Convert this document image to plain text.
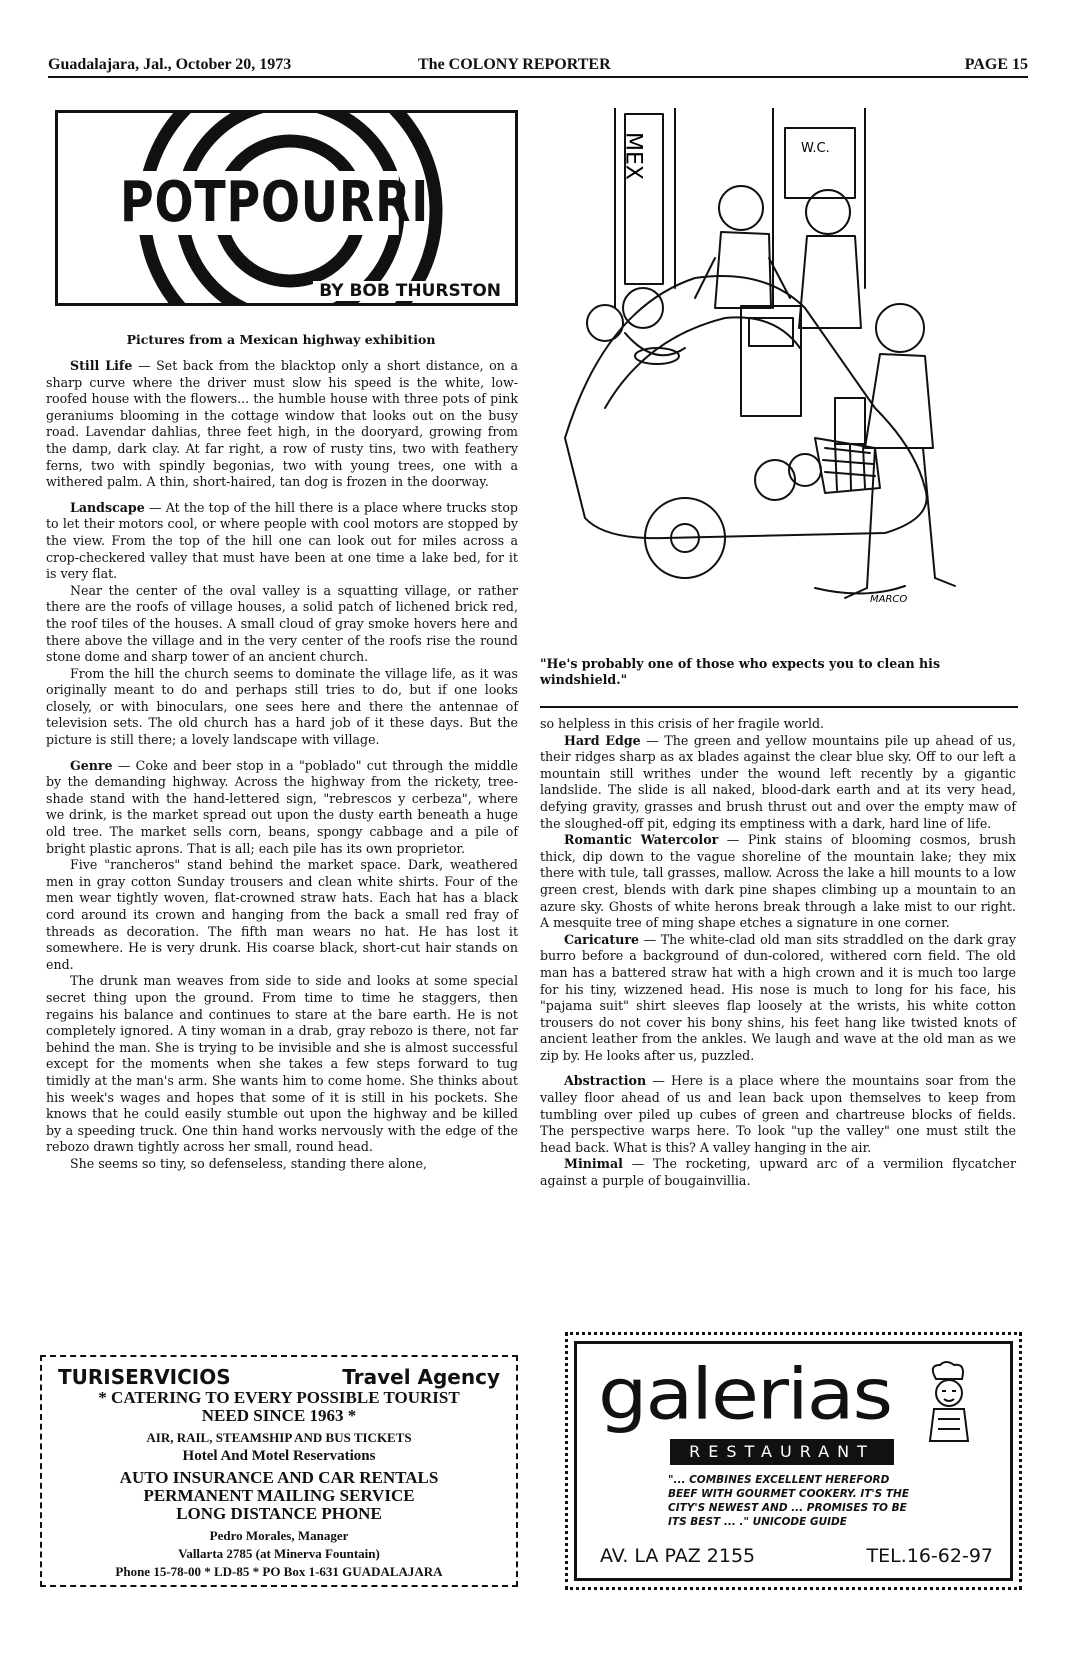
Guadalajara, Jal., October 20, 1973	The COLONY REPORTER	PAGE 15
POTPOURRI
BY BOB THURSTON
Pictures from a Mexican highway exhibition

Still Life — Set back from the blacktop only a short distance, on a sharp curve where the driver must slow his speed is the white, low-roofed house with the flowers... the humble house with three pots of pink geraniums blooming in the cottage window that looks out on the busy road. Lavendar dahlias, three feet high, in the dooryard, growing from the damp, dark clay. At far right, a row of rusty tins, two with feathery ferns, two with spindly begonias, two with young trees, one with a withered palm. A thin, short-haired, tan dog is frozen in the doorway.

Landscape — At the top of the hill there is a place where trucks stop to let their motors cool, or where people with cool motors are stopped by the view. From the top of the hill one can look out for miles across a crop-checkered valley that must have been at one time a lake bed, for it is very flat.

Near the center of the oval valley is a squatting village, or rather there are the roofs of village houses, a solid patch of lichened brick red, the roof tiles of the houses. A small cloud of gray smoke hovers here and there above the village and in the very center of the roofs rise the round stone dome and sharp tower of an ancient church.

From the hill the church seems to dominate the village life, as it was originally meant to do and perhaps still tries to do, but if one looks closely, or with binoculars, one sees here and there the antennae of television sets. The old church has a hard job of it these days. But the picture is still there; a lovely landscape with village.

Genre — Coke and beer stop in a "poblado" cut through the middle by the demanding highway. Across the highway from the rickety, tree-shade stand with the hand-lettered sign, "rebrescos y cerbeza", where we drink, is the market spread out upon the dusty earth beneath a huge old tree. The market sells corn, beans, spongy cabbage and a pile of bright plastic aprons. That is all; each pile has its own proprietor.

Five "rancheros" stand behind the market space. Dark, weathered men in gray cotton Sunday trousers and clean white shirts. Four of the men wear tightly woven, flat-crowned straw hats. Each hat has a black cord around its crown and hanging from the back a small red fray of threads as decoration. The fifth man wears no hat. He has lost it somewhere. He is very drunk. His coarse black, short-cut hair stands on end.

The drunk man weaves from side to side and looks at some special secret thing upon the ground. From time to time he staggers, then regains his balance and continues to stare at the bare earth. He is not completely ignored. A tiny woman in a drab, gray rebozo is there, not far behind the man. She is trying to be invisible and she is almost successful except for the moments when she takes a few steps forward to tug timidly at the man's arm. She wants him to come home. She thinks about his week's wages and hopes that some of it is still in his pockets. She knows that he could easily stumble out upon the highway and be killed by a speeding truck. One thin hand works nervously with the edge of the rebozo drawn tightly across her small, round head.

She seems so tiny, so defenseless, standing there alone,

MEX	W.C.
MARCO
"He's probably one of those who expects you to clean his windshield."

so helpless in this crisis of her fragile world.

Hard Edge — The green and yellow mountains pile up ahead of us, their ridges sharp as ax blades against the clear blue sky. Off to our left a mountain still writhes under the wound left recently by a gigantic landslide. The slide is all naked, blood-dark earth and at its very head, defying gravity, grasses and brush thrust out and over the empty maw of the sloughed-off pit, edging its emptiness with a dark, hard line of life.

Romantic Watercolor — Pink stains of blooming cosmos, brush thick, dip down to the vague shoreline of the mountain lake; they mix there with tule, tall grasses, mallow. Across the lake a hill mounts to a low green crest, blends with dark pine shapes climbing up a mountain to an azure sky. Ghosts of white herons break through a lake mist to our right. A mesquite tree of ming shape etches a signature in one corner.

Caricature — The white-clad old man sits straddled on the dark gray burro before a background of dun-colored, withered corn field. The old man has a battered straw hat with a high crown and it is much too large for his tiny, wizzened head. His nose is much to long for his face, his "pajama suit" shirt sleeves flap loosely at the wrists, his white cotton trousers do not cover his bony shins, his feet hang like twisted knots of ancient leather from the ankles. We laugh and wave at the old man as we zip by. He looks after us, puzzled.

Abstraction — Here is a place where the mountains soar from the valley floor ahead of us and lean back upon themselves to keep from tumbling over piled up cubes of green and chartreuse blocks of fields. The perspective warps here. To look "up the valley" one must stilt the head back. What is this? A valley hanging in the air.

Minimal — The rocketing, upward arc of a vermilion flycatcher against a purple of bougainvillia.

TURISERVICIOS	Travel Agency
* CATERING TO EVERY POSSIBLE TOURIST
NEED SINCE 1963 *
AIR, RAIL, STEAMSHIP AND BUS TICKETS
Hotel And Motel Reservations
AUTO INSURANCE AND CAR RENTALS
PERMANENT MAILING SERVICE
LONG DISTANCE PHONE
Pedro Morales, Manager
Vallarta 2785 (at Minerva Fountain)
Phone 15-78-00 * LD-85 * PO Box 1-631 GUADALAJARA
galerias
RESTAURANT
"... COMBINES EXCELLENT HEREFORD BEEF WITH GOURMET COOKERY. IT'S THE CITY'S NEWEST AND ... PROMISES TO BE ITS BEST ... ." UNICODE GUIDE
AV. LA PAZ 2155	TEL.16-62-97
